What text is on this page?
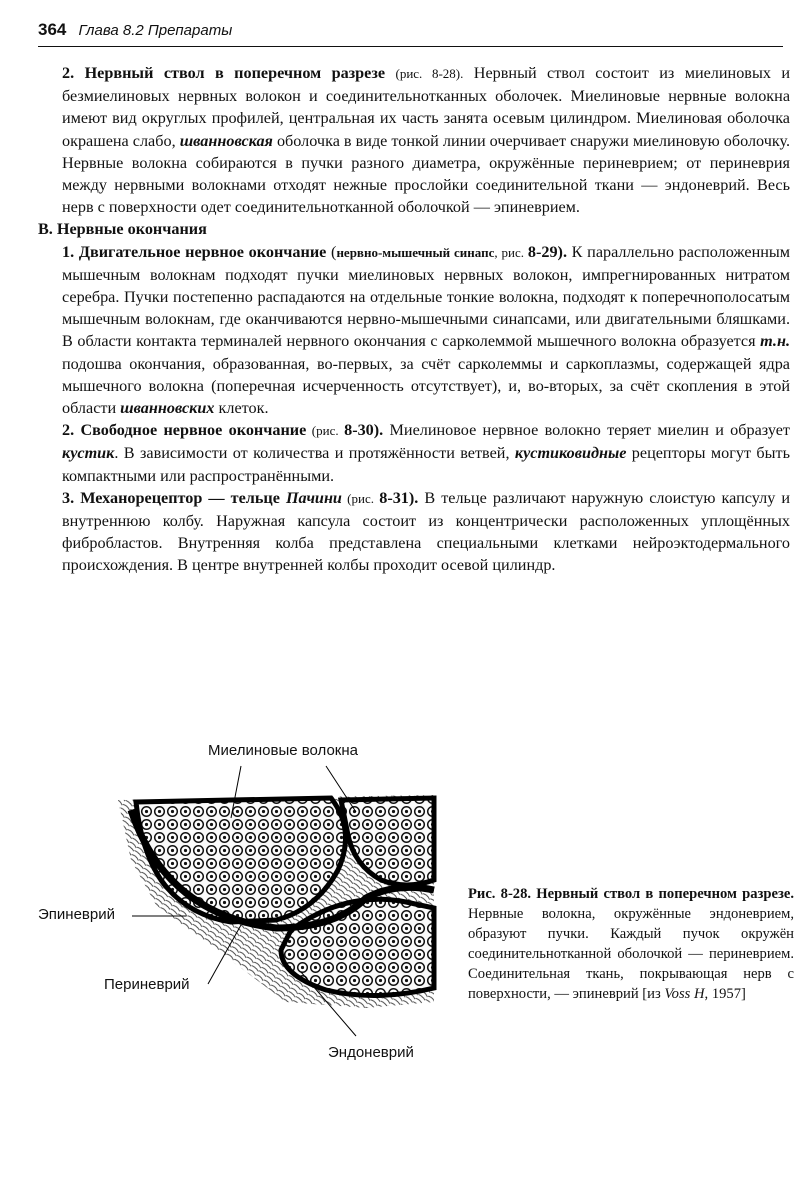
364 Глава 8.2 Препараты

2. Нервный ствол в поперечном разрезе (рис. 8-28). Нервный ствол состоит из миелиновых и безмиелиновых нервных волокон и соединительнотканных оболочек. Миелиновые нервные волокна имеют вид округлых профилей, центральная их часть занята осевым цилиндром. Миелиновая оболочка окрашена слабо, шванновская оболочка в виде тонкой линии очерчивает снаружи миелиновую оболочку. Нервные волокна собираются в пучки разного диаметра, окружённые периневрием; от периневрия между нервными волокнами отходят нежные прослойки соединительной ткани — эндоневрий. Весь нерв с поверхности одет соединительнотканной оболочкой — эпиневрием.

В. Нервные окончания

1. Двигательное нервное окончание (нервно-мышечный синапс, рис. 8-29). К параллельно расположенным мышечным волокнам подходят пучки миелиновых нервных волокон, импрегнированных нитратом серебра. Пучки постепенно распадаются на отдельные тонкие волокна, подходят к поперечнополосатым мышечным волокнам, где оканчиваются нервно-мышечными синапсами, или двигательными бляшками. В области контакта терминалей нервного окончания с сарколеммой мышечного волокна образуется т.н. подошва окончания, образованная, во-первых, за счёт сарколеммы и саркоплазмы, содержащей ядра мышечного волокна (поперечная исчерченность отсутствует), и, во-вторых, за счёт скопления в этой области шванновских клеток.

2. Свободное нервное окончание (рис. 8-30). Миелиновое нервное волокно теряет миелин и образует кустик. В зависимости от количества и протяжённости ветвей, кустиковидные рецепторы могут быть компактными или распространёнными.

3. Механорецептор — тельце Пачини (рис. 8-31). В тельце различают наружную слоистую капсулу и внутреннюю колбу. Наружная капсула состоит из концентрически расположенных уплощённых фибробластов. Внутренняя колба представлена специальными клетками нейроэктодермального происхождения. В центре внутренней колбы проходит осевой цилиндр.

Миелиновые волокна
Эпиневрий
Периневрий
Эндоневрий
Рис. 8-28. Нервный ствол в поперечном разрезе. Нервные волокна, окружённые эндоневрием, образуют пучки. Каждый пучок окружён соединительнотканной оболочкой — периневрием. Соединительная ткань, покрывающая нерв с поверхности, — эпиневрий [из Voss H, 1957]
